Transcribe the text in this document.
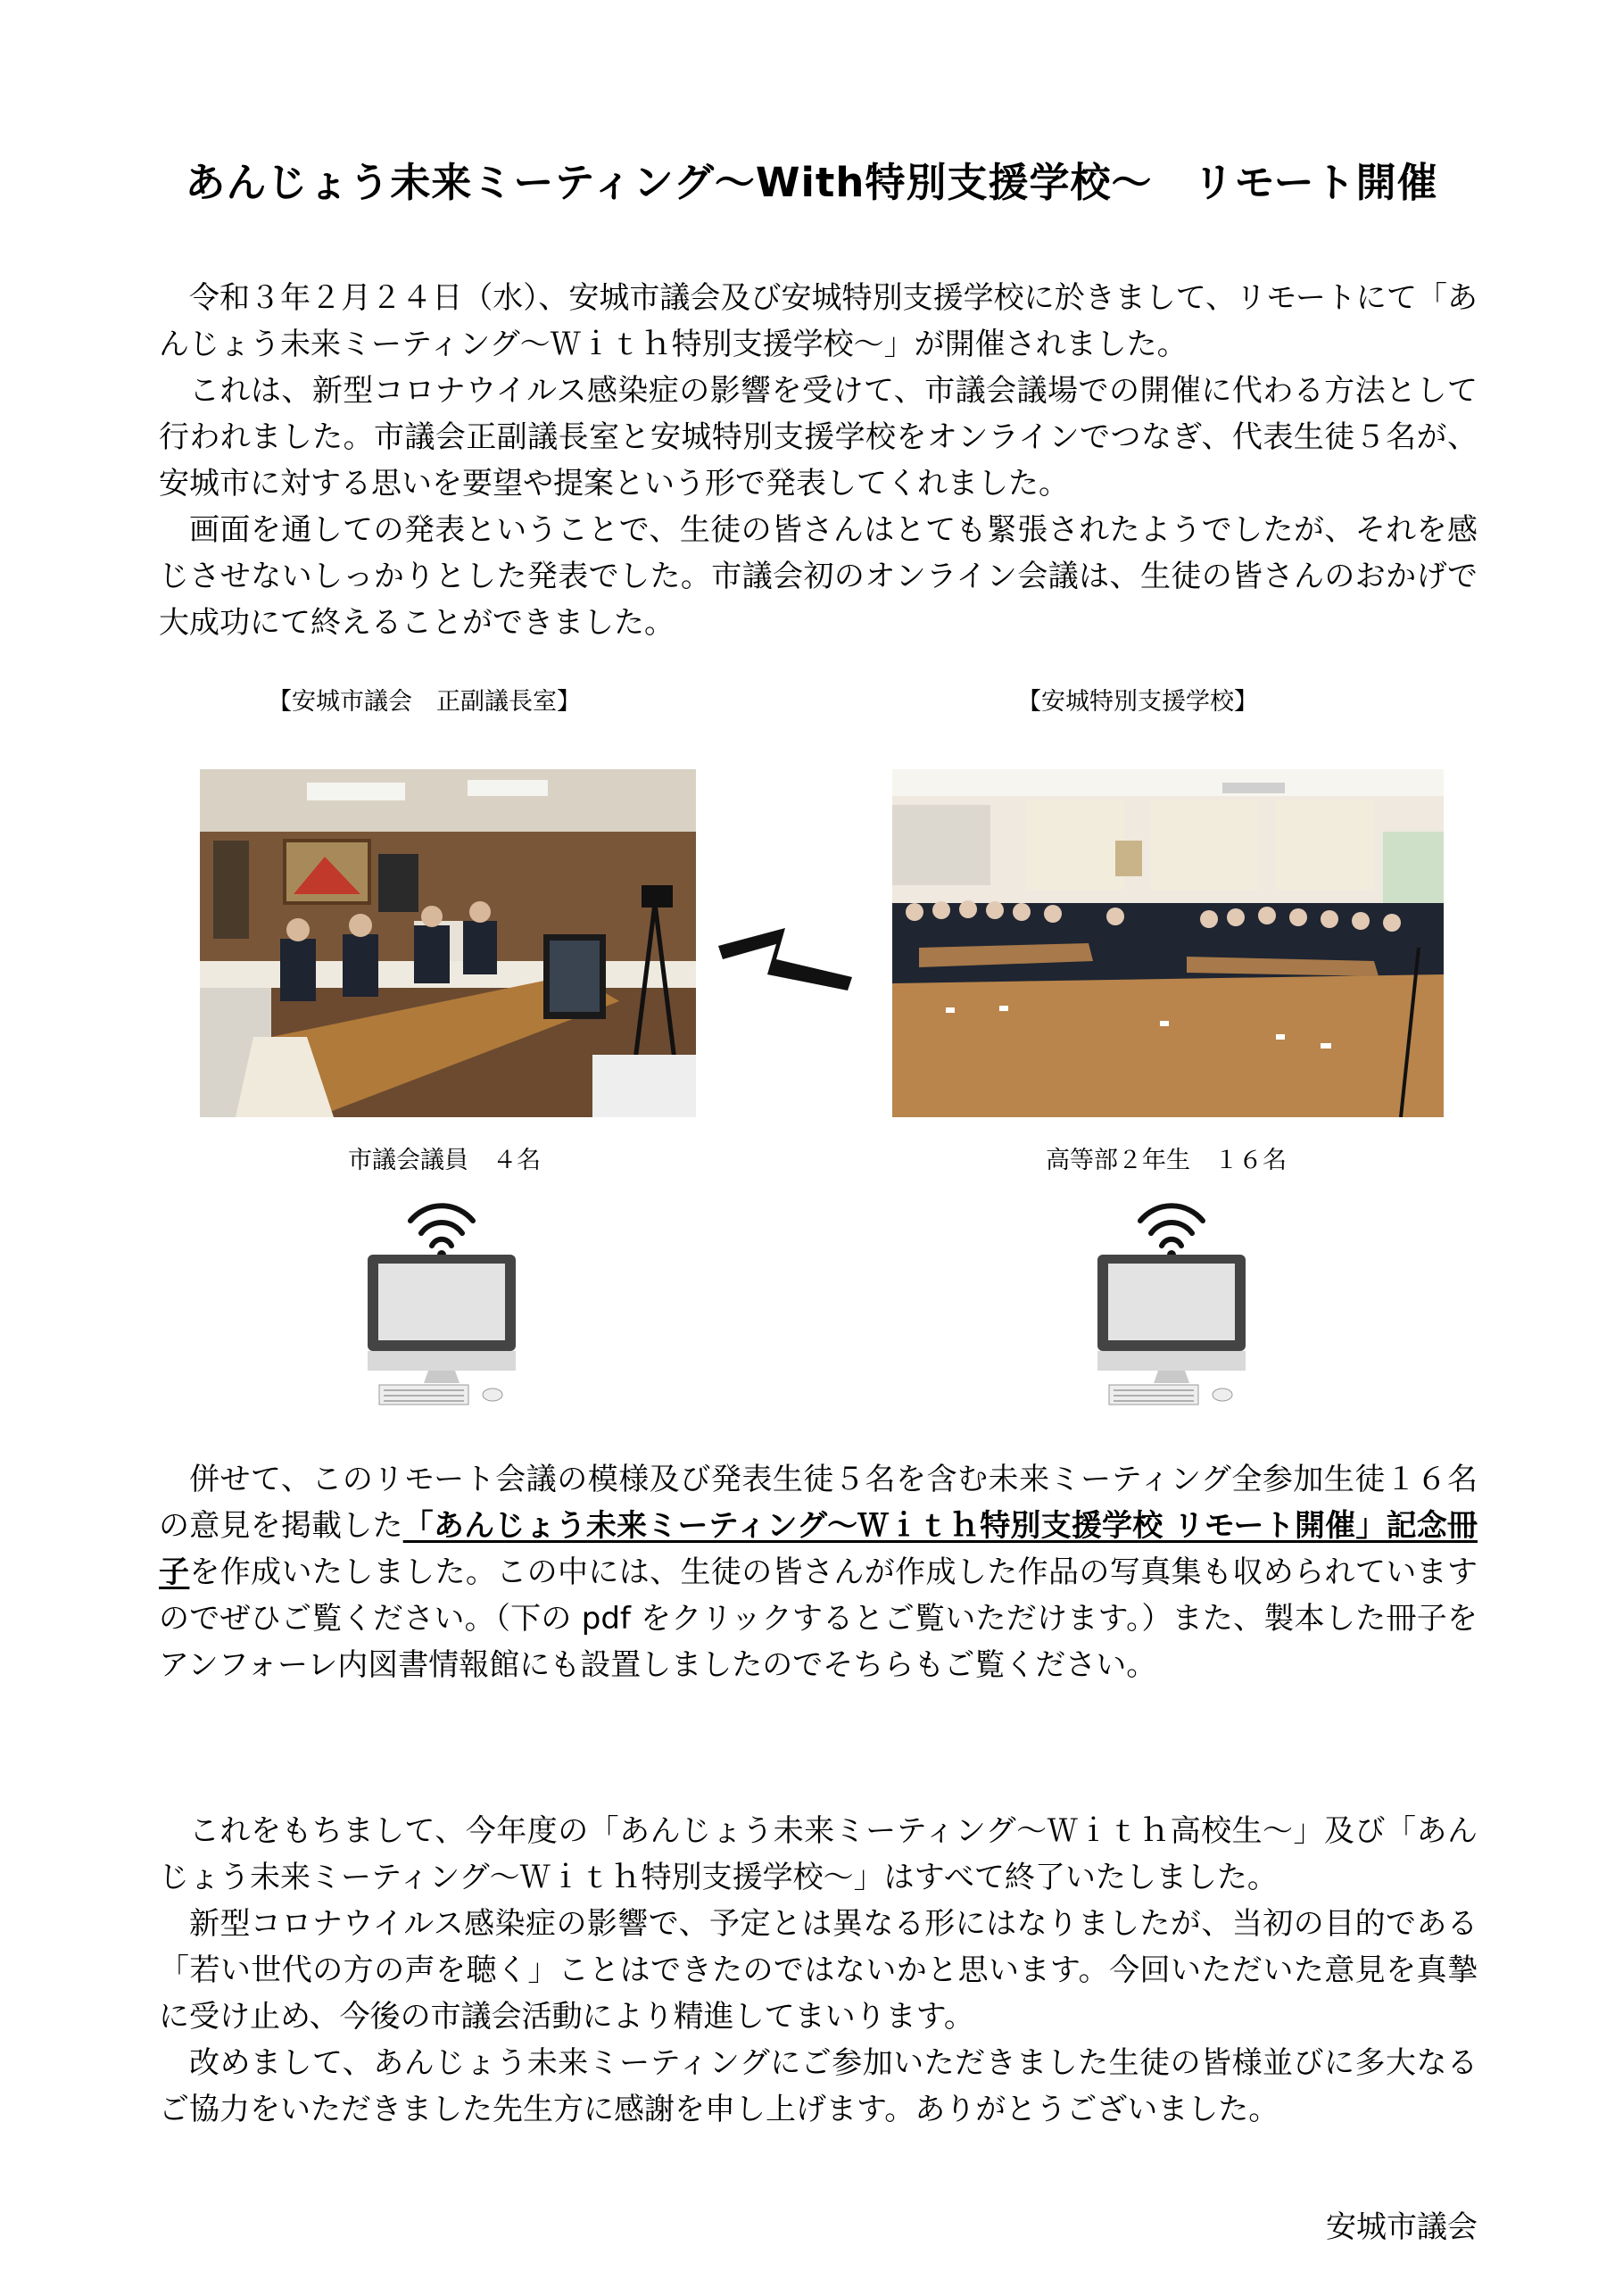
あんじょう未来ミーティング〜With特別支援学校〜　リモート開催

令和３年２月２４日（水）、安城市議会及び安城特別支援学校に於きまして、リモートにて「あんじょう未来ミーティング〜Ｗｉｔｈ特別支援学校〜」が開催されました。

これは、新型コロナウイルス感染症の影響を受けて、市議会議場での開催に代わる方法として行われました。市議会正副議長室と安城特別支援学校をオンラインでつなぎ、代表生徒５名が、安城市に対する思いを要望や提案という形で発表してくれました。

画面を通しての発表ということで、生徒の皆さんはとても緊張されたようでしたが、それを感じさせないしっかりとした発表でした。市議会初のオンライン会議は、生徒の皆さんのおかげで大成功にて終えることができました。

【安城市議会　正副議長室】	【安城特別支援学校】
市議会議員　４名	高等部２年生　１６名

併せて、このリモート会議の模様及び発表生徒５名を含む未来ミーティング全参加生徒１６名の意見を掲載した「あんじょう未来ミーティング〜Ｗｉｔｈ特別支援学校 リモート開催」記念冊子を作成いたしました。この中には、生徒の皆さんが作成した作品の写真集も収められていますのでぜひご覧ください。（下の pdf をクリックするとご覧いただけます。）また、製本した冊子をアンフォーレ内図書情報館にも設置しましたのでそちらもご覧ください。

これをもちまして、今年度の「あんじょう未来ミーティング〜Ｗｉｔｈ高校生〜」及び「あんじょう未来ミーティング〜Ｗｉｔｈ特別支援学校〜」はすべて終了いたしました。

新型コロナウイルス感染症の影響で、予定とは異なる形にはなりましたが、当初の目的である「若い世代の方の声を聴く」ことはできたのではないかと思います。今回いただいた意見を真摯に受け止め、今後の市議会活動により精進してまいります。

改めまして、あんじょう未来ミーティングにご参加いただきました生徒の皆様並びに多大なるご協力をいただきました先生方に感謝を申し上げます。ありがとうございました。

安城市議会
